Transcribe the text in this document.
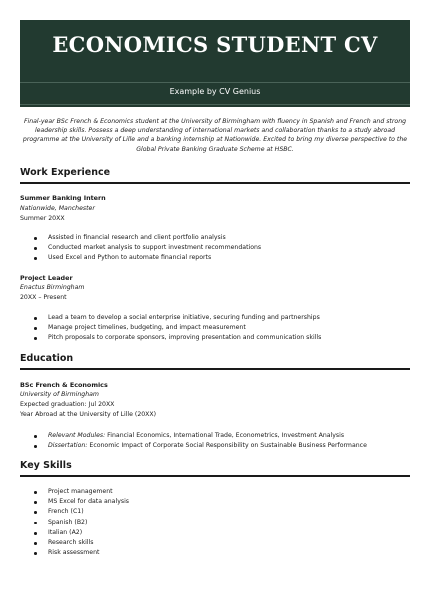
ECONOMICS STUDENT CV
Example by CV Genius
your.name@email.com | 07123 123 123 | London | yourwebsite.com
Final-year BSc French & Economics student at the University of Birmingham with fluency in Spanish and French and strong leadership skills. Possess a deep understanding of international markets and collaboration thanks to a study abroad programme at the University of Lille and a banking internship at Nationwide. Excited to bring my diverse perspective to the Global Private Banking Graduate Scheme at HSBC.
Work Experience
Summer Banking Intern
Nationwide, Manchester
Summer 20XX
Assisted in financial research and client portfolio analysis
Conducted market analysis to support investment recommendations
Used Excel and Python to automate financial reports
Project Leader
Enactus Birmingham
20XX – Present
Lead a team to develop a social enterprise initiative, securing funding and partnerships
Manage project timelines, budgeting, and impact measurement
Pitch proposals to corporate sponsors, improving presentation and communication skills
Education
BSc French & Economics
University of Birmingham
Expected graduation: Jul 20XX
Year Abroad at the University of Lille (20XX)
Relevant Modules: Financial Economics, International Trade, Econometrics, Investment Analysis
Dissertation: Economic Impact of Corporate Social Responsibility on Sustainable Business Performance
Key Skills
Project management
MS Excel for data analysis
French (C1)
Spanish (B2)
Italian (A2)
Research skills
Risk assessment
